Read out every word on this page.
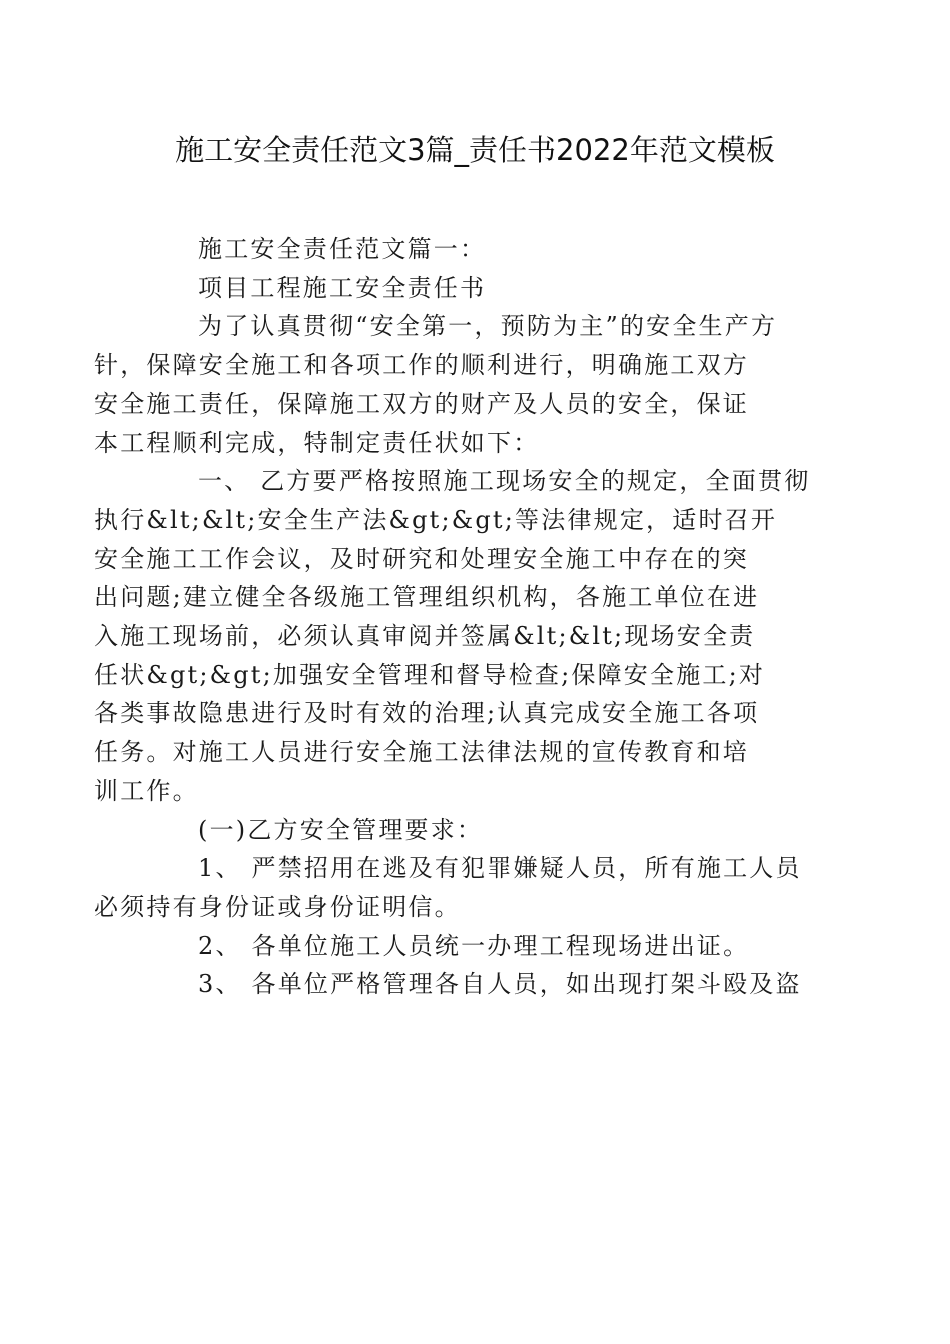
施工安全责任范文3篇_责任书2022年范文模板

施工安全责任范文篇一：

项目工程施工安全责任书

为了认真贯彻“安全第一，预防为主”的安全生产方
针，保障安全施工和各项工作的顺利进行，明确施工双方
安全施工责任，保障施工双方的财产及人员的安全，保证
本工程顺利完成，特制定责任状如下：

一、 乙方要严格按照施工现场安全的规定，全面贯彻
执行&lt;&lt;安全生产法&gt;&gt;等法律规定，适时召开
安全施工工作会议，及时研究和处理安全施工中存在的突
出问题;建立健全各级施工管理组织机构，各施工单位在进
入施工现场前，必须认真审阅并签属&lt;&lt;现场安全责
任状&gt;&gt;加强安全管理和督导检查;保障安全施工;对
各类事故隐患进行及时有效的治理;认真完成安全施工各项
任务。对施工人员进行安全施工法律法规的宣传教育和培
训工作。

(一)乙方安全管理要求：

1、 严禁招用在逃及有犯罪嫌疑人员，所有施工人员
必须持有身份证或身份证明信。

2、 各单位施工人员统一办理工程现场进出证。

3、 各单位严格管理各自人员，如出现打架斗殴及盗
